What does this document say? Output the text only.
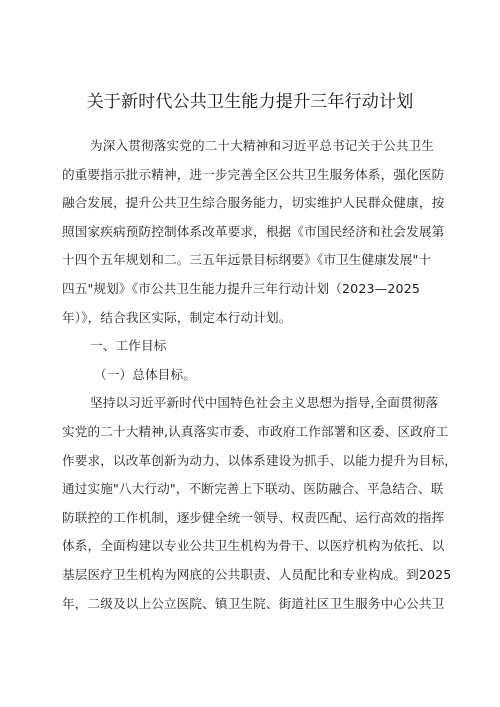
关于新时代公共卫生能力提升三年行动计划

为深入贯彻落实党的二十大精神和习近平总书记关于公共卫生

的重要指示批示精神，进一步完善全区公共卫生服务体系，强化医防

融合发展，提升公共卫生综合服务能力，切实维护人民群众健康，按

照国家疾病预防控制体系改革要求，根据《市国民经济和社会发展第

十四个五年规划和二。三五年远景目标纲要》《市卫生健康发展"十

四五"规划》《市公共卫生能力提升三年行动计划（2023—2025

年）》，结合我区实际，制定本行动计划。

一、工作目标

（一）总体目标。

坚持以习近平新时代中国特色社会主义思想为指导,全面贯彻落

实党的二十大精神,认真落实市委、市政府工作部署和区委、区政府工

作要求，以改革创新为动力、以体系建设为抓手、以能力提升为目标，

通过实施"八大行动"，不断完善上下联动、医防融合、平急结合、联

防联控的工作机制，逐步健全统一领导、权责匹配、运行高效的指挥

体系，全面构建以专业公共卫生机构为骨干、以医疗机构为依托、以

基层医疗卫生机构为网底的公共职责、人员配比和专业构成。到2025

年，二级及以上公立医院、镇卫生院、街道社区卫生服务中心公共卫
